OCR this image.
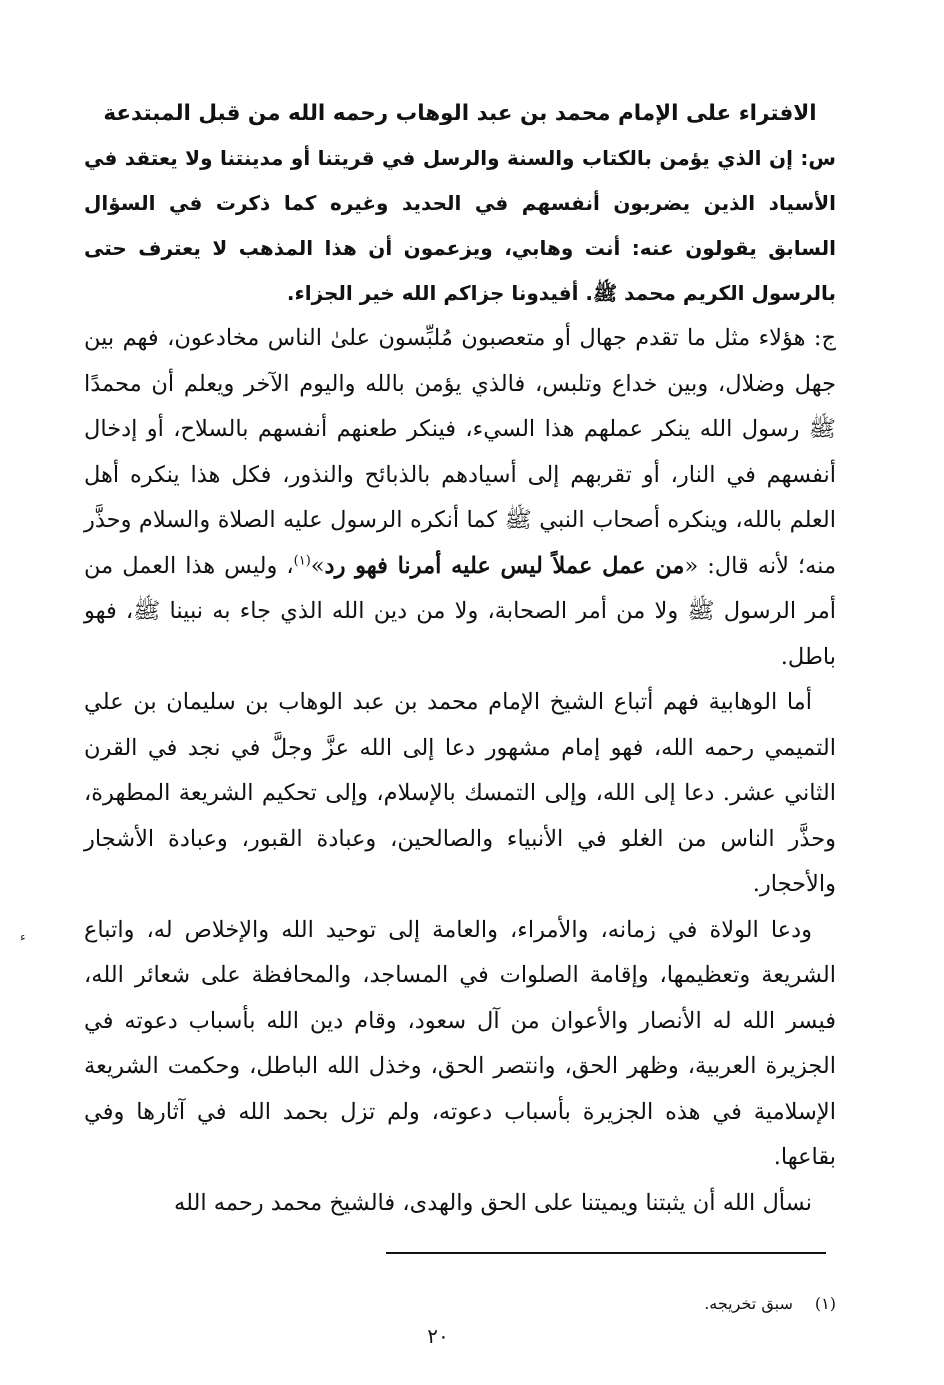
الافتراء على الإمام محمد بن عبد الوهاب رحمه الله من قبل المبتدعة

س: إن الذي يؤمن بالكتاب والسنة والرسل في قريتنا أو مدينتنا ولا يعتقد في الأسياد الذين يضربون أنفسهم في الحديد وغيره كما ذكرت في السؤال السابق يقولون عنه: أنت وهابي، ويزعمون أن هذا المذهب لا يعترف حتى بالرسول الكريم محمد ﷺ. أفيدونا جزاكم الله خير الجزاء.

ج: هؤلاء مثل ما تقدم جهال أو متعصبون مُلبِّسون علىٰ الناس مخادعون، فهم بين جهل وضلال، وبين خداع وتلبس، فالذي يؤمن بالله واليوم الآخر ويعلم أن محمدًا ﷺ رسول الله ينكر عملهم هذا السيء، فينكر طعنهم أنفسهم بالسلاح، أو إدخال أنفسهم في النار، أو تقربهم إلى أسيادهم بالذبائح والنذور، فكل هذا ينكره أهل العلم بالله، وينكره أصحاب النبي ﷺ كما أنكره الرسول عليه الصلاة والسلام وحذَّر منه؛ لأنه قال: «من عمل عملاً ليس عليه أمرنا فهو رد»$^{(١)}$، وليس هذا العمل من أمر الرسول ﷺ ولا من أمر الصحابة، ولا من دين الله الذي جاء به نبينا ﷺ، فهو باطل.

أما الوهابية فهم أتباع الشيخ الإمام محمد بن عبد الوهاب بن سليمان بن علي التميمي رحمه الله، فهو إمام مشهور دعا إلى الله عزَّ وجلَّ في نجد في القرن الثاني عشر. دعا إلى الله، وإلى التمسك بالإسلام، وإلى تحكيم الشريعة المطهرة، وحذَّر الناس من الغلو في الأنبياء والصالحين، وعبادة القبور، وعبادة الأشجار والأحجار.

ودعا الولاة في زمانه، والأمراء، والعامة إلى توحيد الله والإخلاص له، واتباع الشريعة وتعظيمها، وإقامة الصلوات في المساجد، والمحافظة على شعائر الله، فيسر الله له الأنصار والأعوان من آل سعود، وقام دين الله بأسباب دعوته في الجزيرة العربية، وظهر الحق، وانتصر الحق، وخذل الله الباطل، وحكمت الشريعة الإسلامية في هذه الجزيرة بأسباب دعوته، ولم تزل بحمد الله في آثارها وفي بقاعها.

نسأل الله أن يثبتنا ويميتنا على الحق والهدى، فالشيخ محمد رحمه الله

(١)سبق تخريجه.
٢٠
ء
